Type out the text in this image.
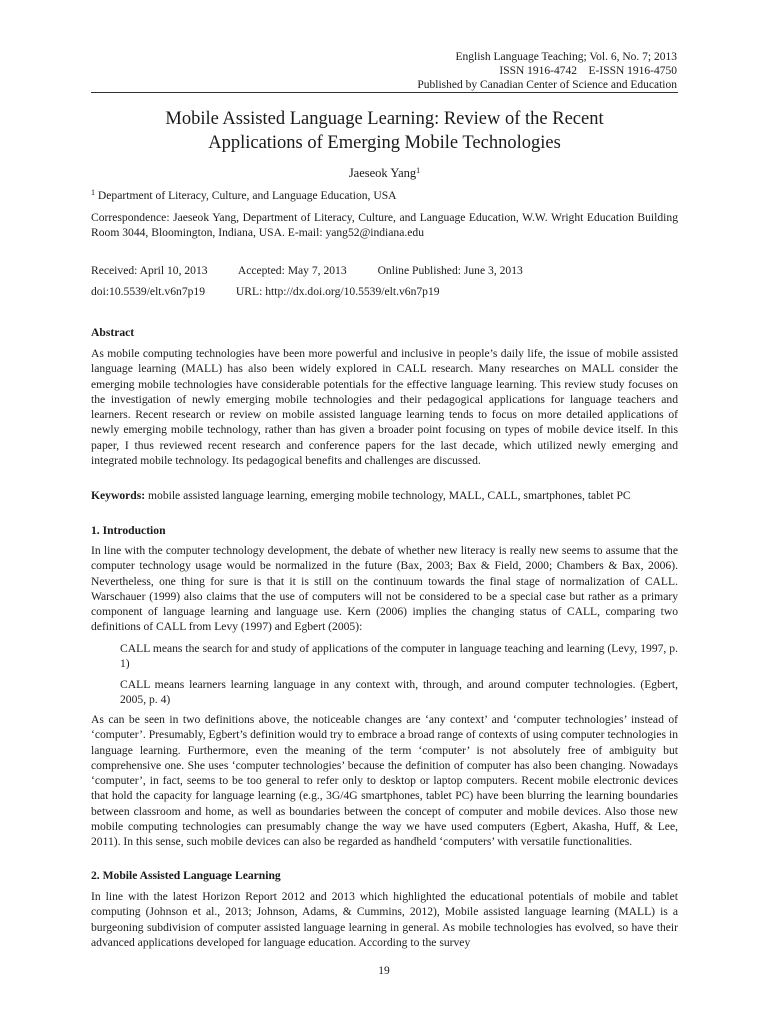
English Language Teaching; Vol. 6, No. 7; 2013
ISSN 1916-4742    E-ISSN 1916-4750
Published by Canadian Center of Science and Education
Mobile Assisted Language Learning: Review of the Recent
Applications of Emerging Mobile Technologies
Jaeseok Yang$^1$
$^1$ Department of Literacy, Culture, and Language Education, USA
Correspondence: Jaeseok Yang, Department of Literacy, Culture, and Language Education, W.W. Wright Education Building Room 3044, Bloomington, Indiana, USA. E-mail: yang52@indiana.edu
Received: April 10, 2013	Accepted: May 7, 2013	Online Published: June 3, 2013
doi:10.5539/elt.v6n7p19	URL: http://dx.doi.org/10.5539/elt.v6n7p19
Abstract
As mobile computing technologies have been more powerful and inclusive in people’s daily life, the issue of mobile assisted language learning (MALL) has also been widely explored in CALL research. Many researches on MALL consider the emerging mobile technologies have considerable potentials for the effective language learning. This review study focuses on the investigation of newly emerging mobile technologies and their pedagogical applications for language teachers and learners. Recent research or review on mobile assisted language learning tends to focus on more detailed applications of newly emerging mobile technology, rather than has given a broader point focusing on types of mobile device itself. In this paper, I thus reviewed recent research and conference papers for the last decade, which utilized newly emerging and integrated mobile technology. Its pedagogical benefits and challenges are discussed.
Keywords: mobile assisted language learning, emerging mobile technology, MALL, CALL, smartphones, tablet PC
1. Introduction
In line with the computer technology development, the debate of whether new literacy is really new seems to assume that the computer technology usage would be normalized in the future (Bax, 2003; Bax & Field, 2000; Chambers & Bax, 2006). Nevertheless, one thing for sure is that it is still on the continuum towards the final stage of normalization of CALL. Warschauer (1999) also claims that the use of computers will not be considered to be a special case but rather as a primary component of language learning and language use. Kern (2006) implies the changing status of CALL, comparing two definitions of CALL from Levy (1997) and Egbert (2005):
CALL means the search for and study of applications of the computer in language teaching and learning (Levy, 1997, p. 1)
CALL means learners learning language in any context with, through, and around computer technologies. (Egbert, 2005, p. 4)
As can be seen in two definitions above, the noticeable changes are ‘any context’ and ‘computer technologies’ instead of ‘computer’. Presumably, Egbert’s definition would try to embrace a broad range of contexts of using computer technologies in language learning. Furthermore, even the meaning of the term ‘computer’ is not absolutely free of ambiguity but comprehensive one. She uses ‘computer technologies’ because the definition of computer has also been changing. Nowadays ‘computer’, in fact, seems to be too general to refer only to desktop or laptop computers. Recent mobile electronic devices that hold the capacity for language learning (e.g., 3G/4G smartphones, tablet PC) have been blurring the learning boundaries between classroom and home, as well as boundaries between the concept of computer and mobile devices. Also those new mobile computing technologies can presumably change the way we have used computers (Egbert, Akasha, Huff, & Lee, 2011). In this sense, such mobile devices can also be regarded as handheld ‘computers’ with versatile functionalities.
2. Mobile Assisted Language Learning
In line with the latest Horizon Report 2012 and 2013 which highlighted the educational potentials of mobile and tablet computing (Johnson et al., 2013; Johnson, Adams, & Cummins, 2012), Mobile assisted language learning (MALL) is a burgeoning subdivision of computer assisted language learning in general. As mobile technologies has evolved, so have their advanced applications developed for language education. According to the survey
19
